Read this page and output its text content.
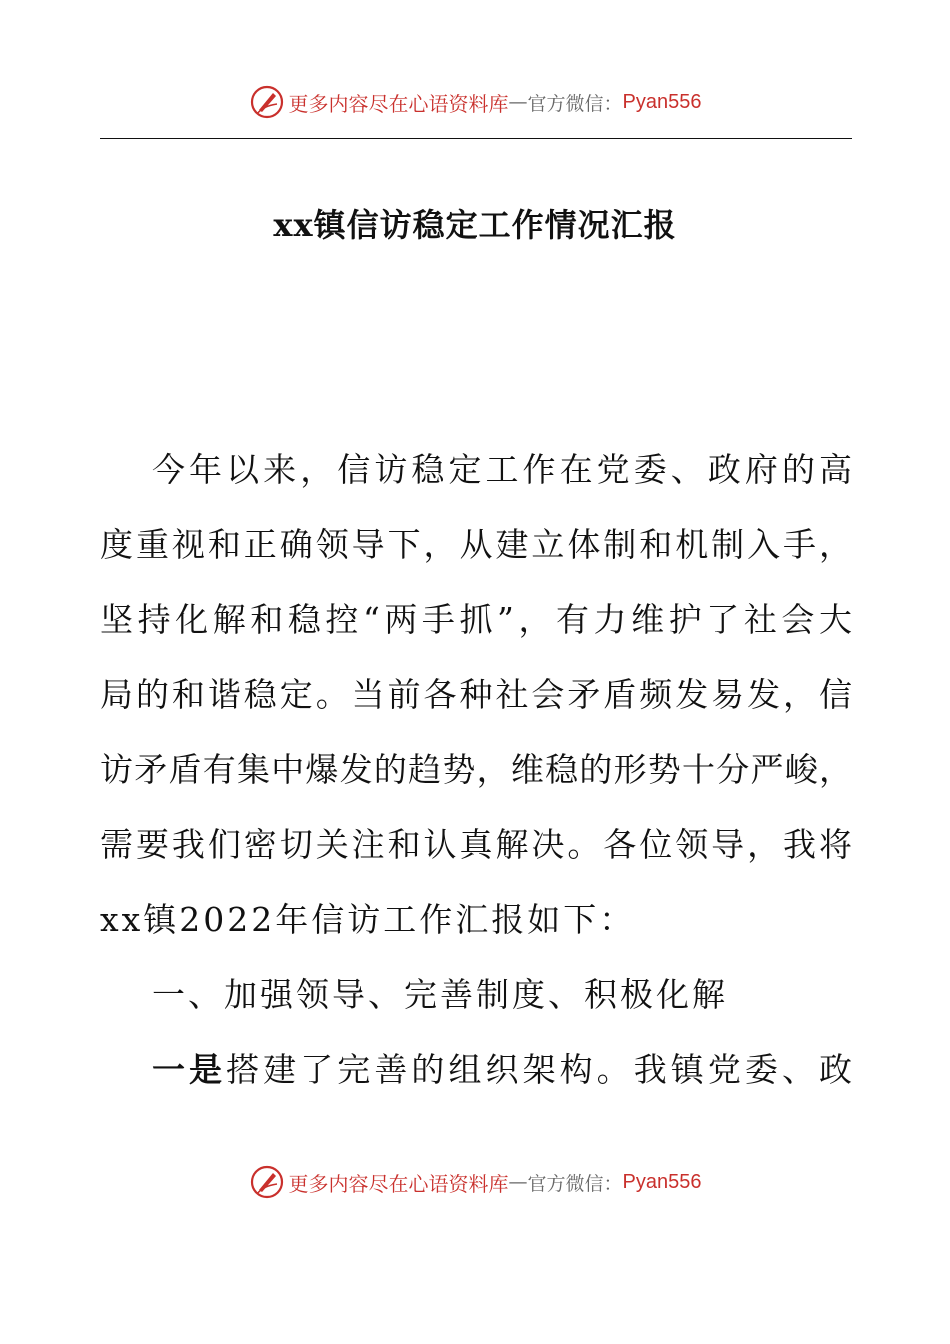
更多内容尽在心语资料库 — 官方微信： Pyan556
xx镇信访稳定工作情况汇报
今年以来，信访稳定工作在党委、政府的高
度重视和正确领导下，从建立体制和机制入手，
坚持化解和稳控“两手抓”，有力维护了社会大
局的和谐稳定。当前各种社会矛盾频发易发，信
访矛盾有集中爆发的趋势，维稳的形势十分严峻，
需要我们密切关注和认真解决。各位领导，我将
xx镇2022年信访工作汇报如下：
一、加强领导、完善制度、积极化解
一是搭建了完善的组织架构。我镇党委、政
更多内容尽在心语资料库 — 官方微信： Pyan556
